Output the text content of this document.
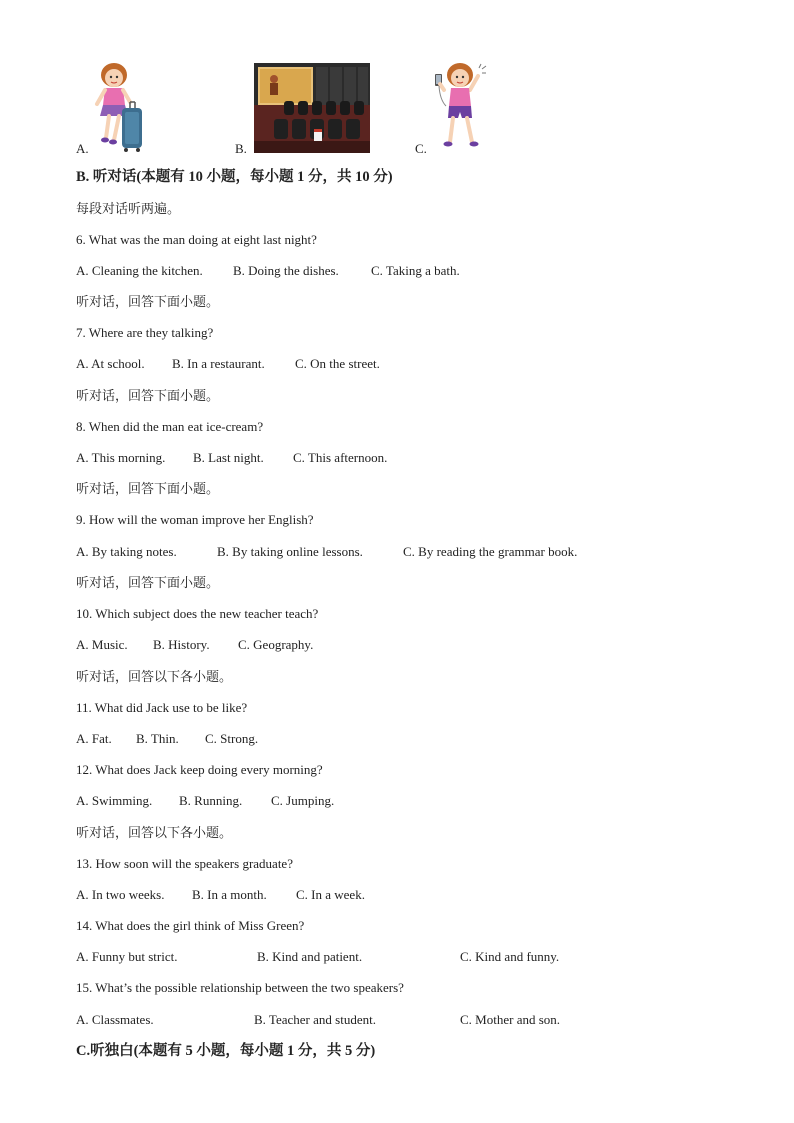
A.	B.	C.
B. 听对话(本题有 10 小题，每小题 1 分，共 10 分)
每段对话听两遍。
6. What was the man doing at eight last night?
A. Cleaning the kitchen. B. Doing the dishes. C. Taking a bath.
听对话，回答下面小题。
7. Where are they talking?
A. At school. B. In a restaurant. C. On the street.
听对话，回答下面小题。
8. When did the man eat ice-cream?
A. This morning. B. Last night. C. This afternoon.
听对话，回答下面小题。
9. How will the woman improve her English?
A. By taking notes.	B. By taking online lessons.	C. By reading the grammar book.
听对话，回答下面小题。
10. Which subject does the new teacher teach?
A. Music. B. History. C. Geography.
听对话，回答以下各小题。
11. What did Jack use to be like?
A. Fat. B. Thin. C. Strong.
12. What does Jack keep doing every morning?
A. Swimming. B. Running. C. Jumping.
听对话，回答以下各小题。
13. How soon will the speakers graduate?
A. In two weeks. B. In a month. C. In a week.
14. What does the girl think of Miss Green?
A. Funny but strict.	B. Kind and patient.	C. Kind and funny.
15. What’s the possible relationship between the two speakers?
A. Classmates.	B. Teacher and student.	C. Mother and son.
C.听独白(本题有 5 小题，每小题 1 分，共 5 分)
